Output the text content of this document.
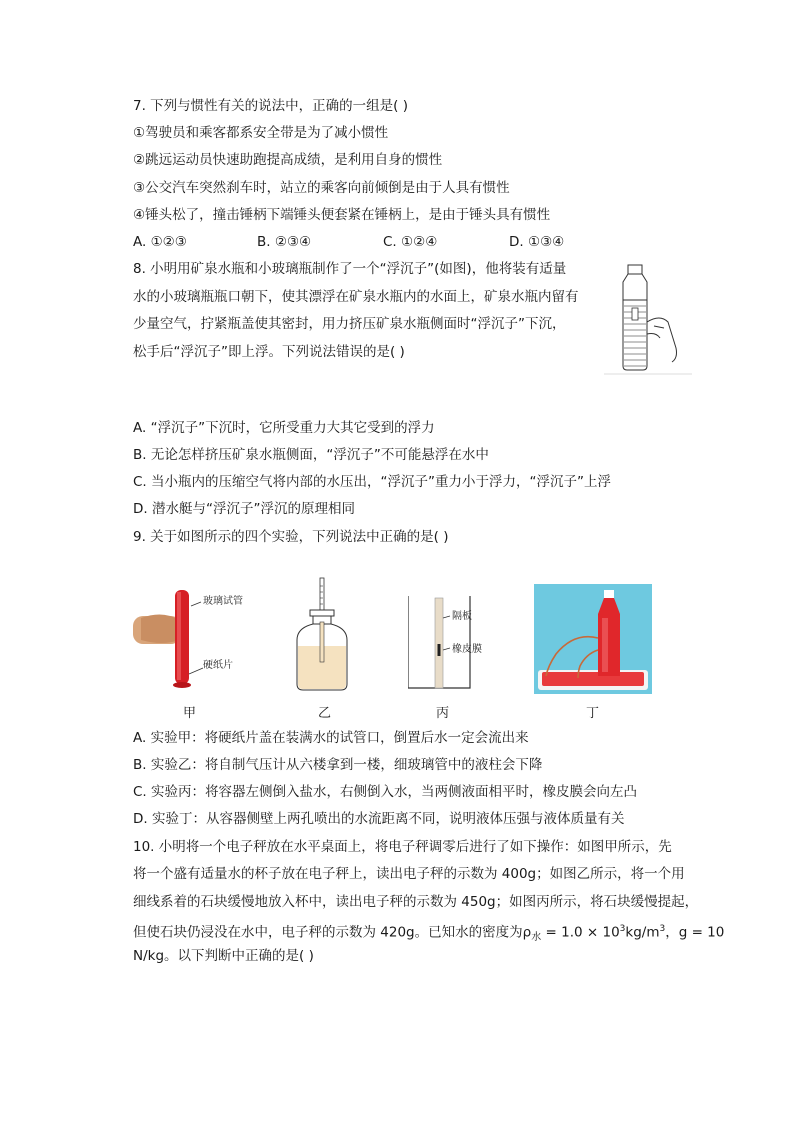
7. 下列与惯性有关的说法中，正确的一组是( )
①驾驶员和乘客都系安全带是为了减小惯性
②跳远运动员快速助跑提高成绩，是利用自身的惯性
③公交汽车突然刹车时，站立的乘客向前倾倒是由于人具有惯性
④锤头松了，撞击锤柄下端锤头便套紧在锤柄上，是由于锤头具有惯性
A. ①②③	B. ②③④	C. ①②④	D. ①③④
8. 小明用矿泉水瓶和小玻璃瓶制作了一个“浮沉子”(如图)，他将装有适量
水的小玻璃瓶瓶口朝下，使其漂浮在矿泉水瓶内的水面上，矿泉水瓶内留有
少量空气，拧紧瓶盖使其密封，用力挤压矿泉水瓶侧面时“浮沉子”下沉，
松手后“浮沉子”即上浮。下列说法错误的是( )
A. “浮沉子”下沉时，它所受重力大其它受到的浮力
B. 无论怎样挤压矿泉水瓶侧面，“浮沉子”不可能悬浮在水中
C. 当小瓶内的压缩空气将内部的水压出，“浮沉子”重力小于浮力，“浮沉子”上浮
D. 潜水艇与“浮沉子”浮沉的原理相同
9. 关于如图所示的四个实验，下列说法中正确的是( )
玻璃试管
硬纸片
隔板
橡皮膜
甲	乙	丙	丁
A. 实验甲：将硬纸片盖在装满水的试管口，倒置后水一定会流出来
B. 实验乙：将自制气压计从六楼拿到一楼，细玻璃管中的液柱会下降
C. 实验丙：将容器左侧倒入盐水，右侧倒入水，当两侧液面相平时，橡皮膜会向左凸
D. 实验丁：从容器侧壁上两孔喷出的水流距离不同，说明液体压强与液体质量有关
10. 小明将一个电子秤放在水平桌面上，将电子秤调零后进行了如下操作：如图甲所示，先
将一个盛有适量水的杯子放在电子秤上，读出电子秤的示数为 400g；如图乙所示，将一个用
细线系着的石块缓慢地放入杯中，读出电子秤的示数为 450g；如图丙所示，将石块缓慢提起，
但使石块仍浸没在水中，电子秤的示数为 420g。已知水的密度为$\rho_水 = 1.0 \times 10^3kg/m^3$，g = 10
N/kg。以下判断中正确的是( )
